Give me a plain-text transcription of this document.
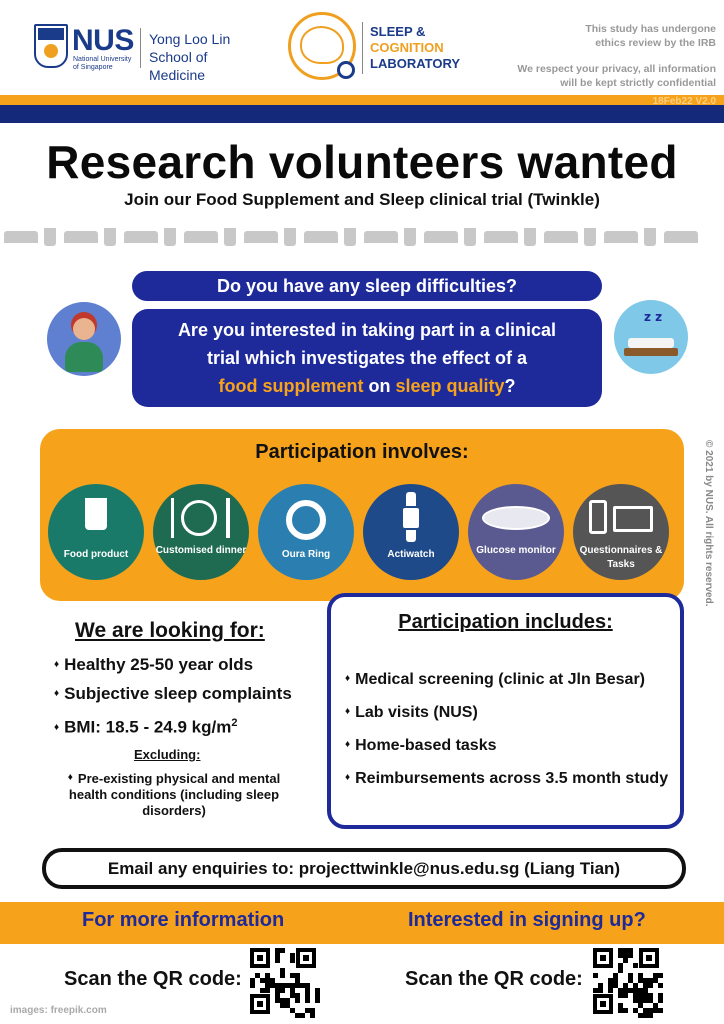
NUS
National University of Singapore
Yong Loo Lin
School of Medicine
SLEEP &
COGNITION
LABORATORY
This study has undergone
ethics review by the IRB
We respect your privacy, all information
will be kept strictly confidential
18Feb22 V2.0
Research volunteers wanted
Join our Food Supplement and Sleep clinical trial (Twinkle)
Do you have any sleep difficulties?
Are you interested in taking part in a clinical
trial which investigates the effect of a
food supplement on sleep quality?
z z
Participation involves:
Food product	Customised dinner	Oura Ring	Actiwatch	Glucose monitor	Questionnaires & Tasks
We are looking for:
♦ Healthy 25-50 year olds
♦ Subjective sleep complaints
♦ BMI: 18.5 - 24.9 $kg/m^2$
Excluding:
♦ Pre-existing physical and mental health conditions (including sleep disorders)
Participation includes:
♦ Medical screening (clinic at Jln Besar)
♦ Lab visits (NUS)
♦ Home-based tasks
♦ Reimbursements across 3.5 month study
Email any enquiries to: projecttwinkle@nus.edu.sg (Liang Tian)
For more information	Interested in signing up?
Scan the QR code:	Scan the QR code:
images: freepik.com
© 2021 by NUS. All rights reserved.
